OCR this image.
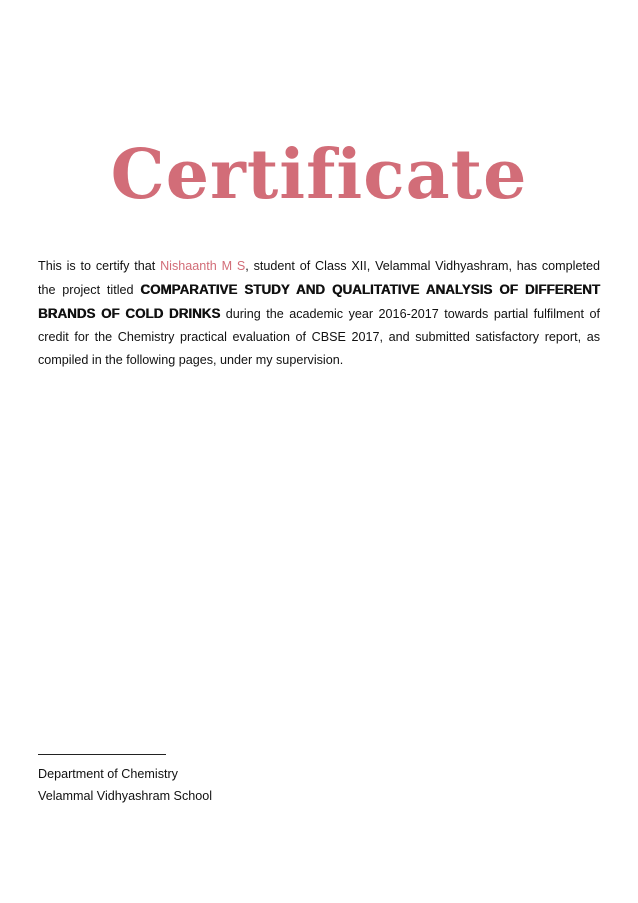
Certificate

This is to certify that Nishaanth M S, student of Class XII, Velammal Vidhyashram, has completed the project titled COMPARATIVE STUDY AND QUALITATIVE ANALYSIS OF DIFFERENT BRANDS OF COLD DRINKS during the academic year 2016-2017 towards partial fulfilment of credit for the Chemistry practical evaluation of CBSE 2017, and submitted satisfactory report, as compiled in the following pages, under my supervision.

Department of Chemistry
Velammal Vidhyashram School
